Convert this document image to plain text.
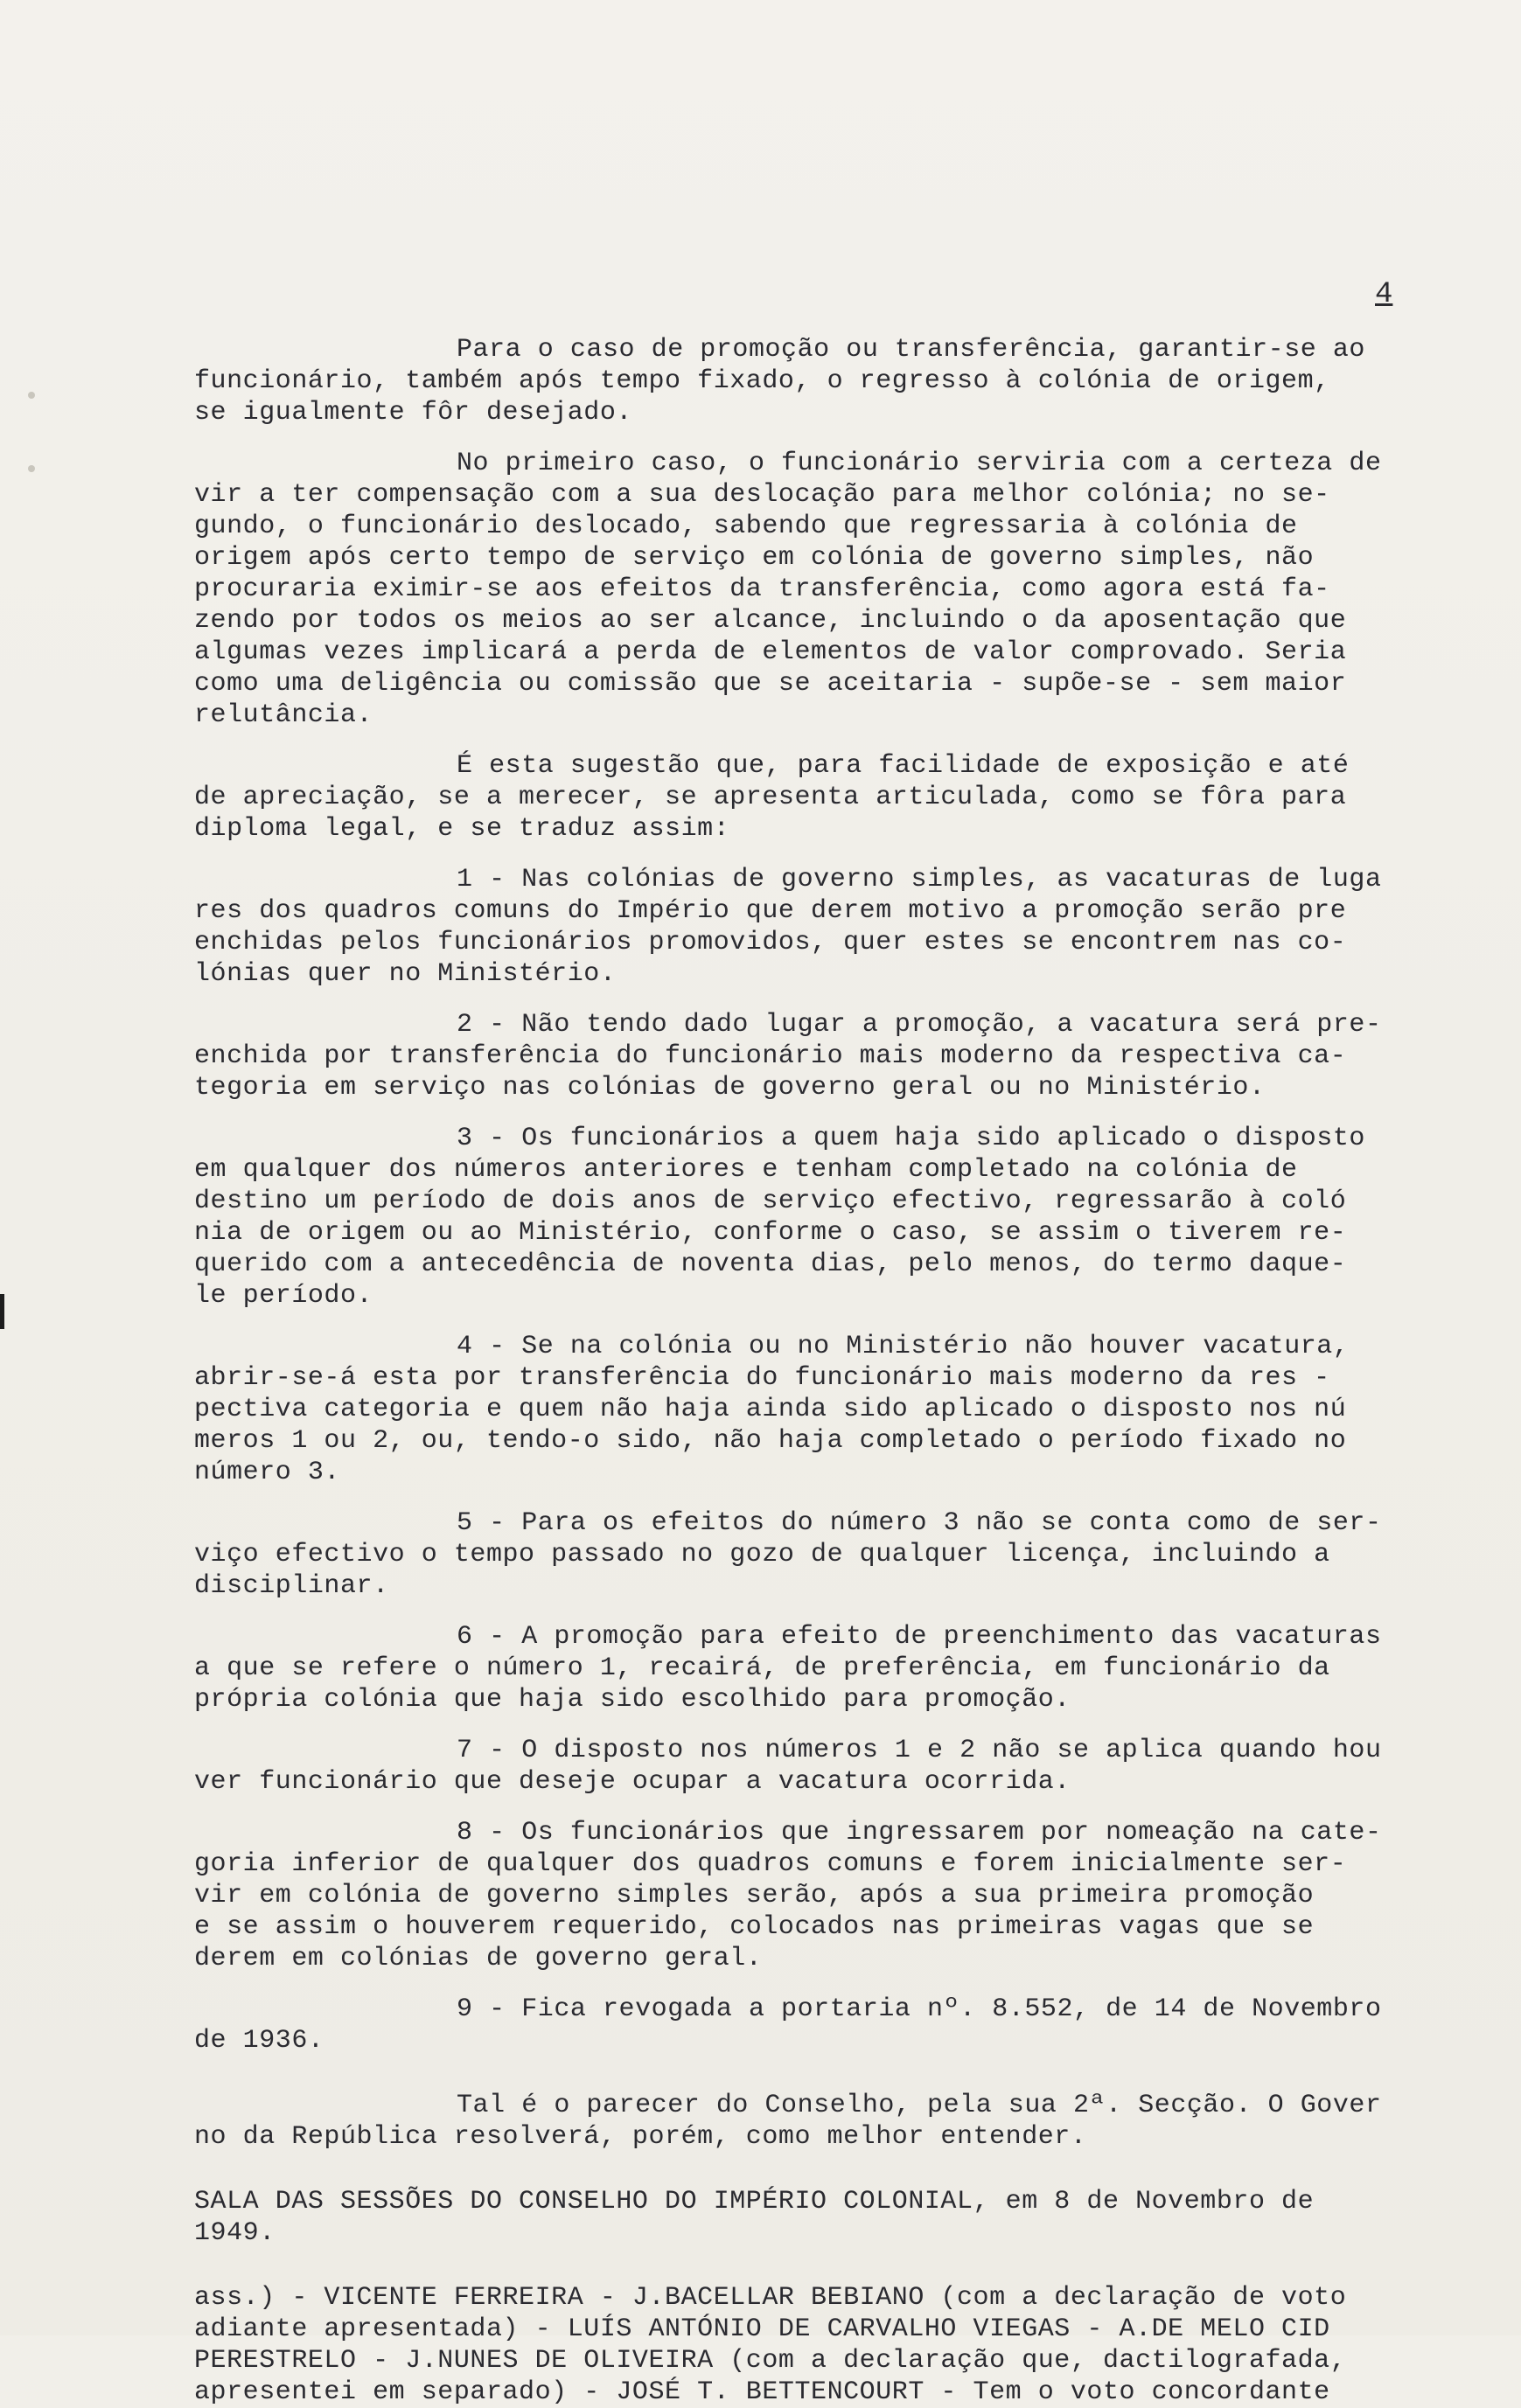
4
Para o caso de promoção ou transferência, garantir-se ao
funcionário, também após tempo fixado, o regresso à colónia de origem,
se igualmente fôr desejado.
No primeiro caso, o funcionário serviria com a certeza de
vir a ter compensação com a sua deslocação para melhor colónia; no se-
gundo, o funcionário deslocado, sabendo que regressaria à colónia de
origem após certo tempo de serviço em colónia de governo simples, não
procuraria eximir-se aos efeitos da transferência, como agora está fa-
zendo por todos os meios ao ser alcance, incluindo o da aposentação que
algumas vezes implicará a perda de elementos de valor comprovado. Seria
como uma deligência ou comissão que se aceitaria - supõe-se - sem maior
relutância.
É esta sugestão que, para facilidade de exposição e até
de apreciação, se a merecer, se apresenta articulada, como se fôra para
diploma legal, e se traduz assim:
1 - Nas colónias de governo simples, as vacaturas de luga
res dos quadros comuns do Império que derem motivo a promoção serão pre
enchidas pelos funcionários promovidos, quer estes se encontrem nas co-
lónias quer no Ministério.
2 - Não tendo dado lugar a promoção, a vacatura será pre-
enchida por transferência do funcionário mais moderno da respectiva ca-
tegoria em serviço nas colónias de governo geral ou no Ministério.
3 - Os funcionários a quem haja sido aplicado o disposto
em qualquer dos números anteriores e tenham completado na colónia de
destino um período de dois anos de serviço efectivo, regressarão à coló
nia de origem ou ao Ministério, conforme o caso, se assim o tiverem re-
querido com a antecedência de noventa dias, pelo menos, do termo daque-
le período.
4 - Se na colónia ou no Ministério não houver vacatura,
abrir-se-á esta por transferência do funcionário mais moderno da res -
pectiva categoria e quem não haja ainda sido aplicado o disposto nos nú
meros 1 ou 2, ou, tendo-o sido, não haja completado o período fixado no
número 3.
5 - Para os efeitos do número 3 não se conta como de ser-
viço efectivo o tempo passado no gozo de qualquer licença, incluindo a
disciplinar.
6 - A promoção para efeito de preenchimento das vacaturas
a que se refere o número 1, recairá, de preferência, em funcionário da
própria colónia que haja sido escolhido para promoção.
7 - O disposto nos números 1 e 2 não se aplica quando hou
ver funcionário que deseje ocupar a vacatura ocorrida.
8 - Os funcionários que ingressarem por nomeação na cate-
goria inferior de qualquer dos quadros comuns e forem inicialmente ser-
vir em colónia de governo simples serão, após a sua primeira promoção
e se assim o houverem requerido, colocados nas primeiras vagas que se
derem em colónias de governo geral.
9 - Fica revogada a portaria nº. 8.552, de 14 de Novembro
de 1936.
Tal é o parecer do Conselho, pela sua 2ª. Secção. O Gover
no da República resolverá, porém, como melhor entender.
SALA DAS SESSÕES DO CONSELHO DO IMPÉRIO COLONIAL, em 8 de Novembro de
1949.
ass.) - VICENTE FERREIRA - J.BACELLAR BEBIANO (com a declaração de voto
adiante apresentada) - LUÍS ANTÓNIO DE CARVALHO VIEGAS - A.DE MELO CID
PERESTRELO - J.NUNES DE OLIVEIRA (com a declaração que, dactilografada,
apresentei em separado) - JOSÉ T. BETTENCOURT - Tem o voto concordante
